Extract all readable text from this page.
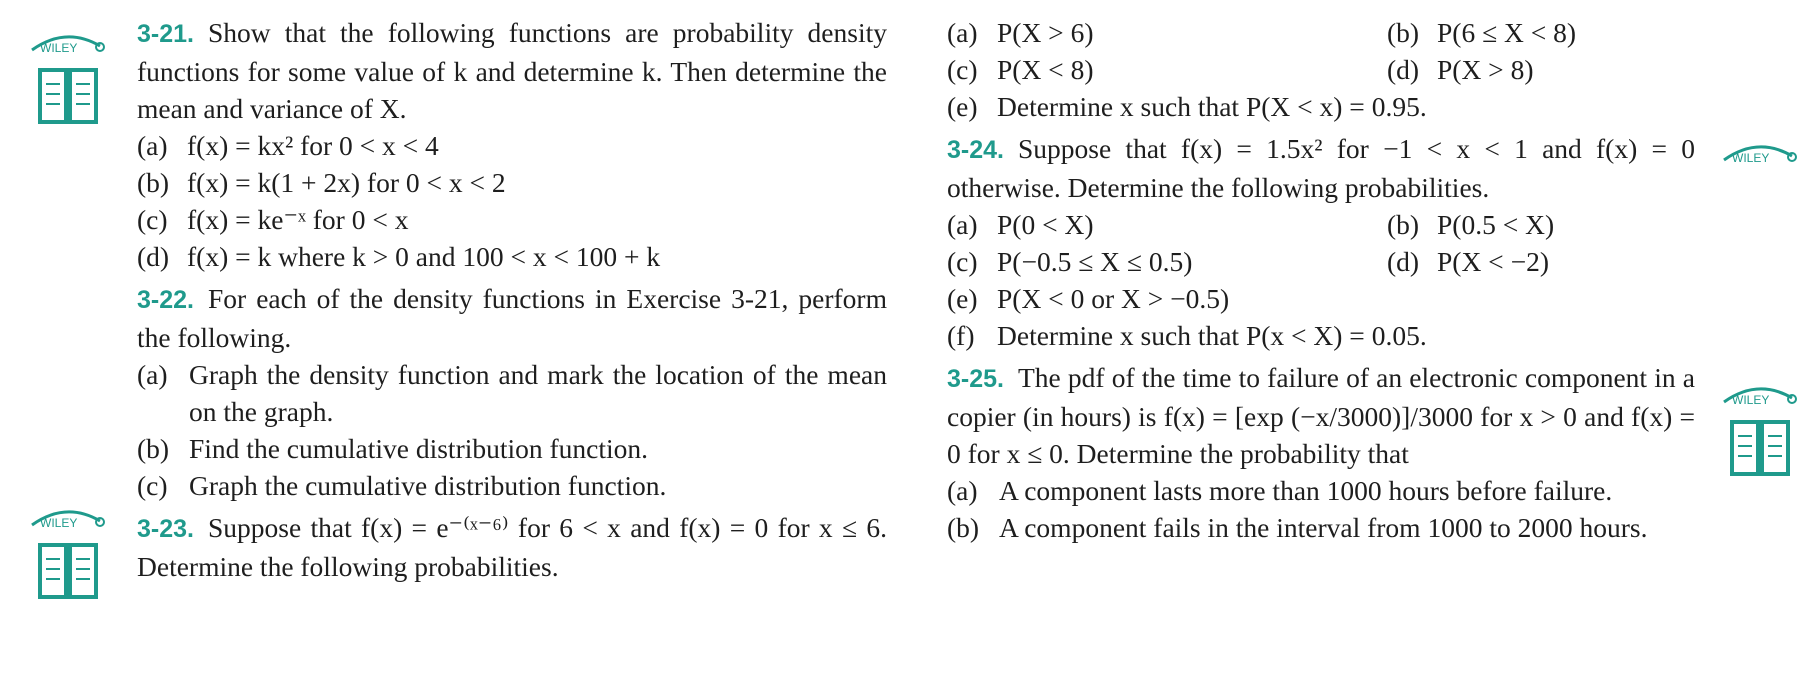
WILEY
WILEY
WILEY
WILEY
3-21. Show that the following functions are probability density functions for some value of k and determine k. Then determine the mean and variance of X.
(a) f(x) = kx² for 0 < x < 4
(b) f(x) = k(1 + 2x) for 0 < x < 2
(c) f(x) = ke⁻ˣ for 0 < x
(d) f(x) = k where k > 0 and 100 < x < 100 + k
3-22. For each of the density functions in Exercise 3-21, perform the following.
(a) Graph the density function and mark the location of the mean on the graph.
(b) Find the cumulative distribution function.
(c) Graph the cumulative distribution function.
3-23. Suppose that f(x) = e⁻⁽ˣ⁻⁶⁾ for 6 < x and f(x) = 0 for x ≤ 6. Determine the following probabilities.
(a) P(X > 6)	(b) P(6 ≤ X < 8)
(c) P(X < 8)	(d) P(X > 8)
(e) Determine x such that P(X < x) = 0.95.
3-24. Suppose that f(x) = 1.5x² for −1 < x < 1 and f(x) = 0 otherwise. Determine the following probabilities.
(a) P(0 < X)	(b) P(0.5 < X)
(c) P(−0.5 ≤ X ≤ 0.5)	(d) P(X < −2)
(e) P(X < 0 or X > −0.5)
(f) Determine x such that P(x < X) = 0.05.
3-25. The pdf of the time to failure of an electronic component in a copier (in hours) is f(x) = [exp (−x/3000)]/3000 for x > 0 and f(x) = 0 for x ≤ 0. Determine the probability that
(a) A component lasts more than 1000 hours before failure.
(b) A component fails in the interval from 1000 to 2000 hours.
